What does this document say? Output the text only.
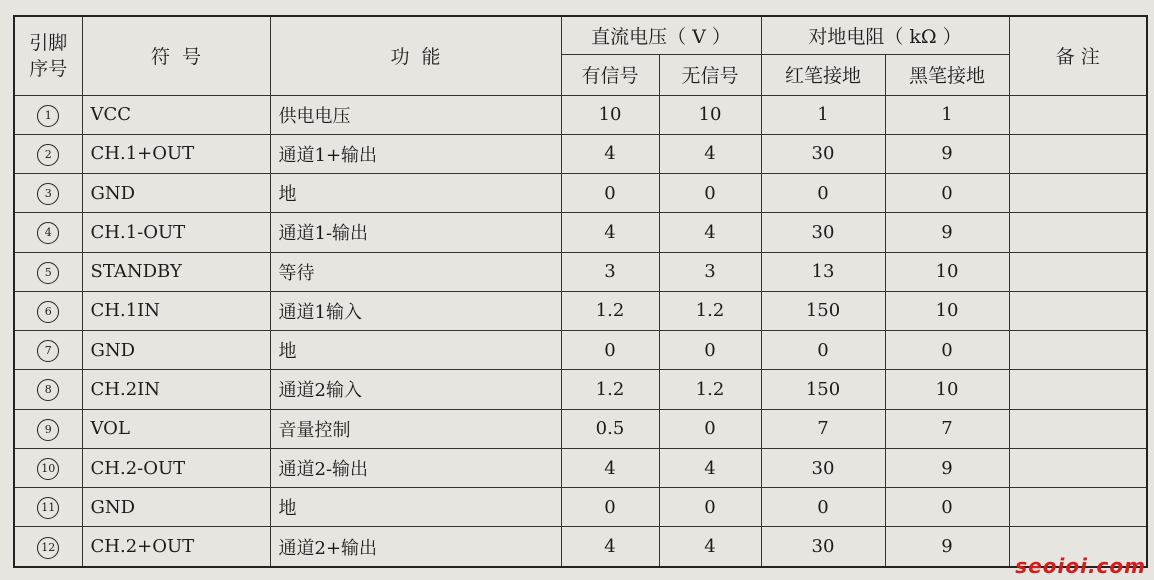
引脚
序号	符  号	功  能	直流电压（ V ）		对地电阻（ kΩ ）		备 注
			有信号	无信号	红笔接地	黑笔接地	
1	VCC	供电电压	10	10	1	1	
2	CH.1+OUT	通道1+输出	4	4	30	9	
3	GND	地	0	0	0	0	
4	CH.1-OUT	通道1-输出	4	4	30	9	
5	STANDBY	等待	3	3	13	10	
6	CH.1IN	通道1输入	1.2	1.2	150	10	
7	GND	地	0	0	0	0	
8	CH.2IN	通道2输入	1.2	1.2	150	10	
9	VOL	音量控制	0.5	0	7	7	
10	CH.2-OUT	通道2-输出	4	4	30	9	
11	GND	地	0	0	0	0	
12	CH.2+OUT	通道2+输出	4	4	30	9	
seoioi.com
